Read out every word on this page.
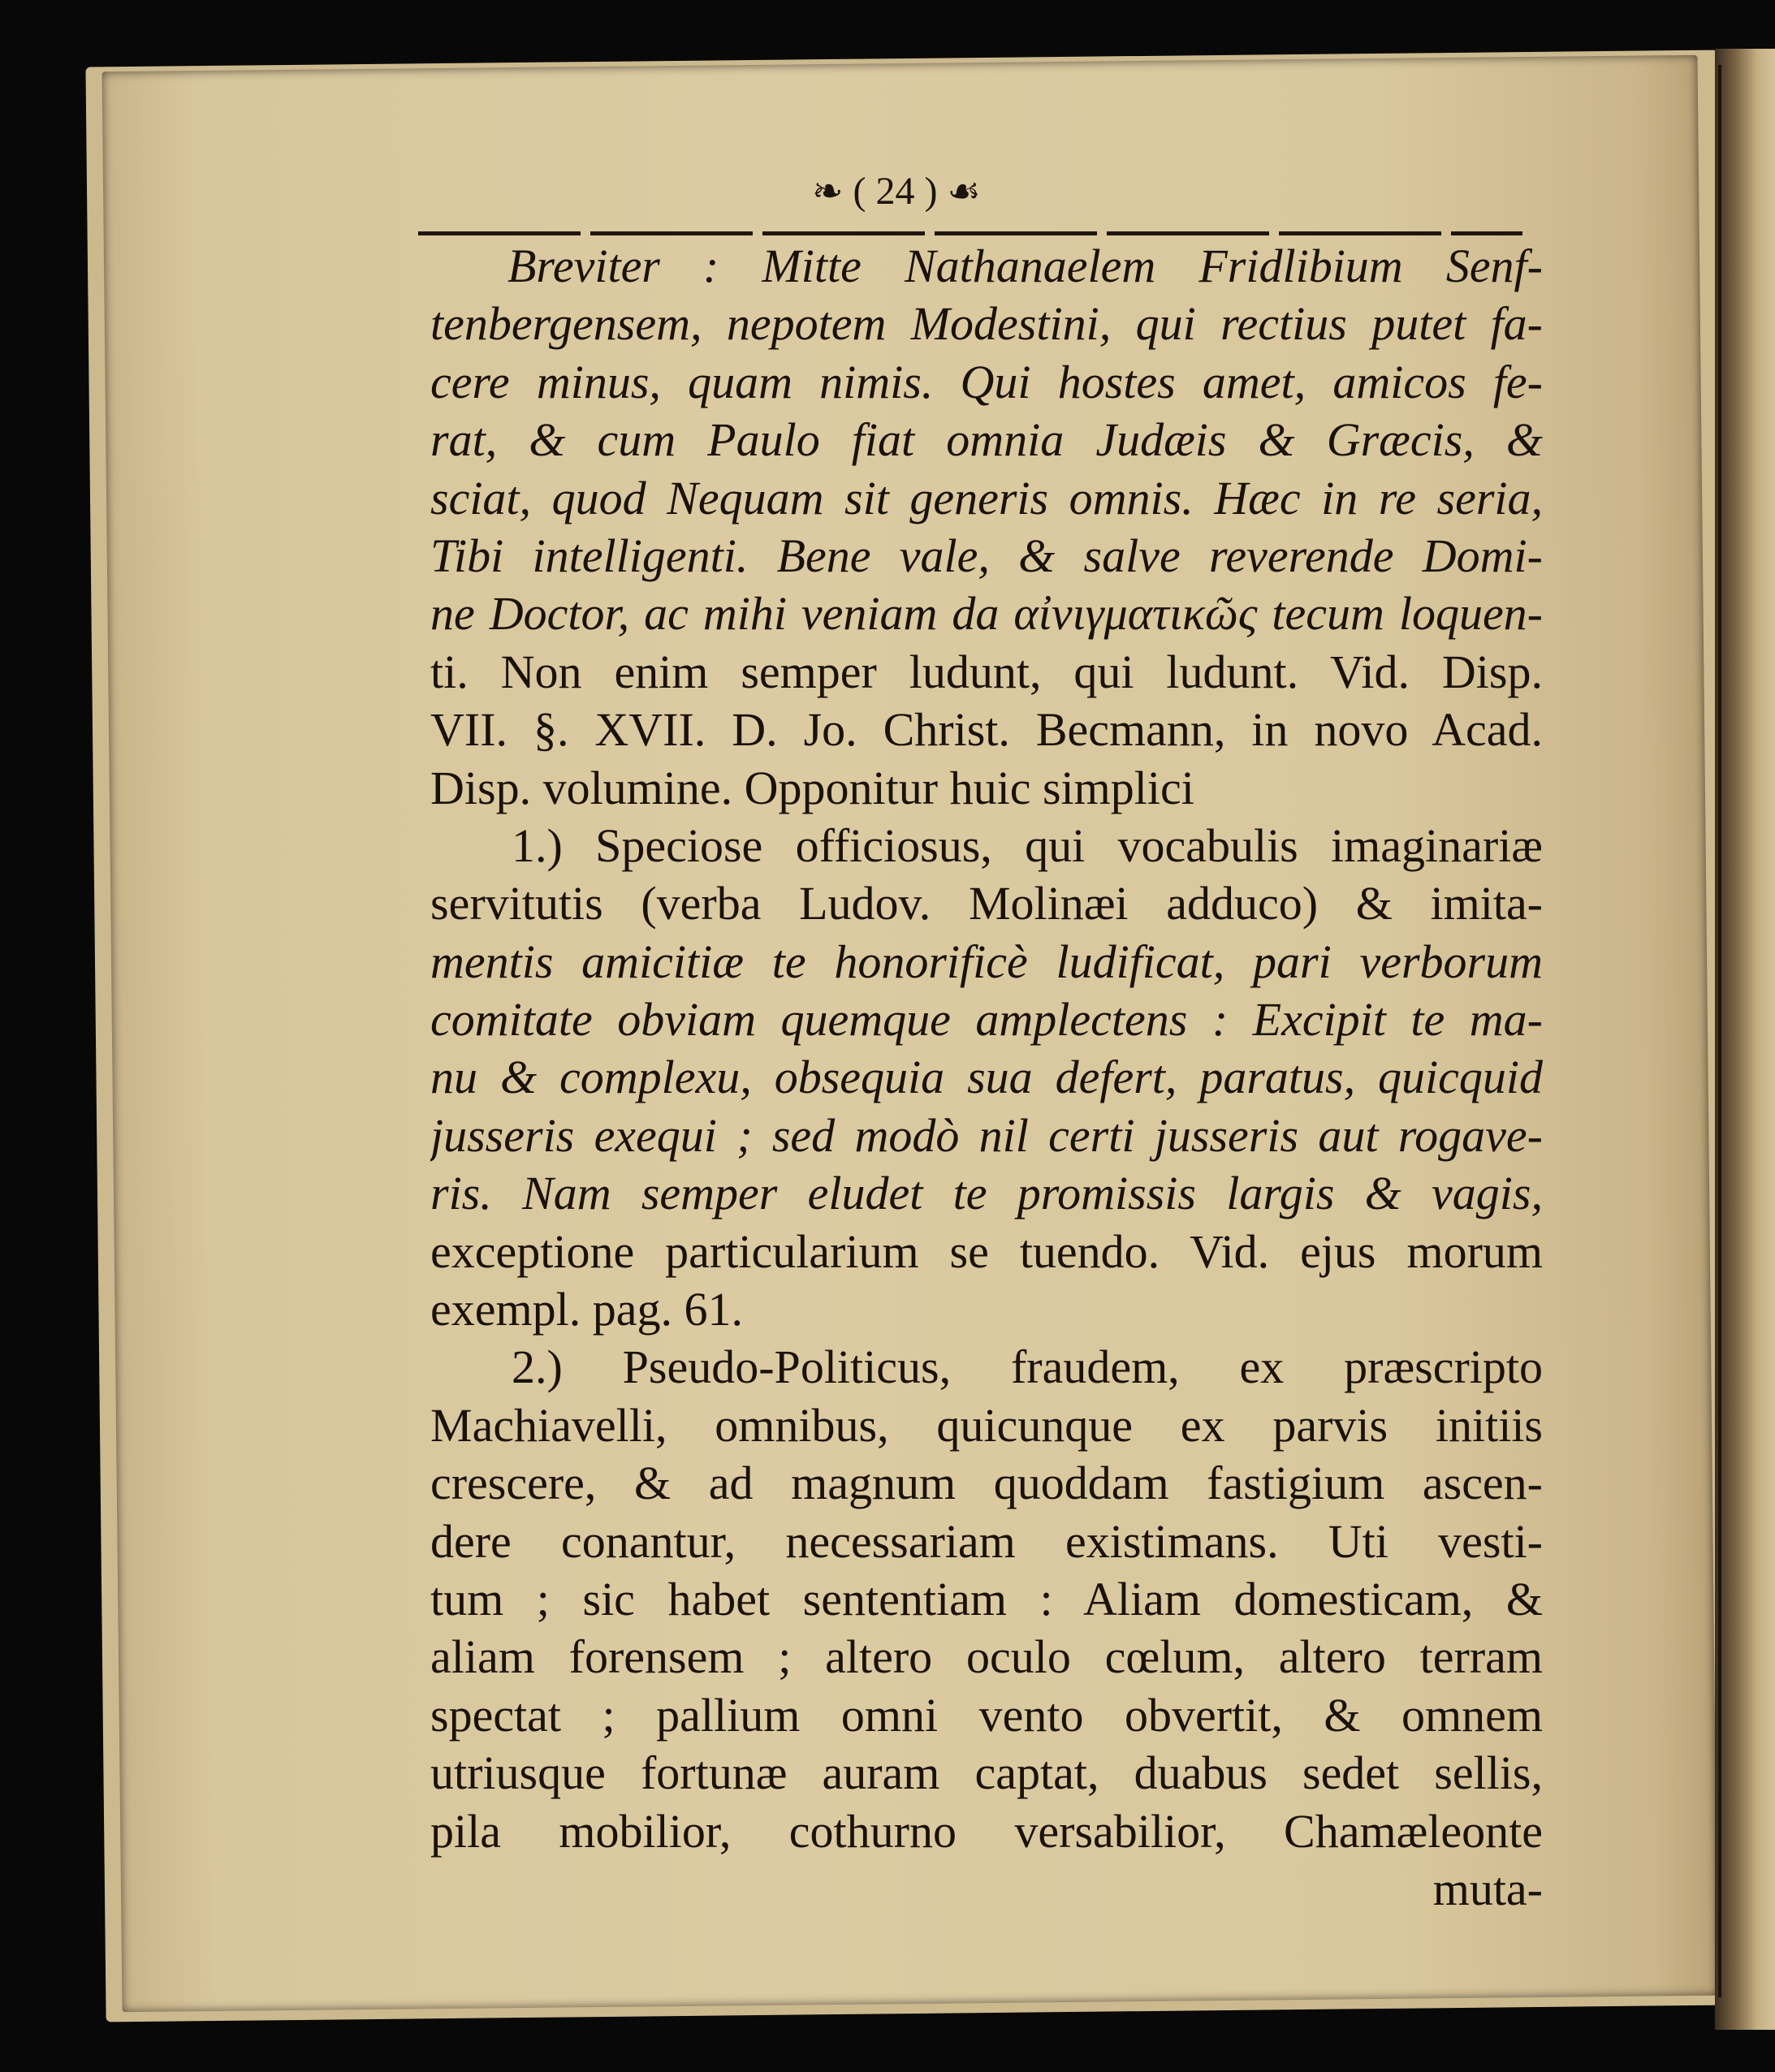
❧ ( 24 ) ☙
Breviter : Mitte Nathanaelem Fridlibium Senf-
tenbergensem, nepotem Modestini, qui rectius putet fa-
cere minus, quam nimis. Qui hostes amet, amicos fe-
rat, & cum Paulo fiat omnia Judæis & Græcis, &
sciat, quod Nequam sit generis omnis. Hæc in re seria,
Tibi intelligenti. Bene vale, & salve reverende Domi-
ne Doctor, ac mihi veniam da αἰνιγματικῶς tecum loquen-
ti. Non enim semper ludunt, qui ludunt. Vid. Disp.
VII. §. XVII. D. Jo. Christ. Becmann, in novo Acad.
Disp. volumine. Opponitur huic simplici
1.) Speciose officiosus, qui vocabulis imaginariæ
servitutis (verba Ludov. Molinæi adduco) & imita-
mentis amicitiæ te honorificè ludificat, pari verborum
comitate obviam quemque amplectens : Excipit te ma-
nu & complexu, obsequia sua defert, paratus, quicquid
jusseris exequi ; sed modò nil certi jusseris aut rogave-
ris. Nam semper eludet te promissis largis & vagis,
exceptione particularium se tuendo. Vid. ejus morum
exempl. pag. 61.
2.) Pseudo-Politicus, fraudem, ex præscripto
Machiavelli, omnibus, quicunque ex parvis initiis
crescere, & ad magnum quoddam fastigium ascen-
dere conantur, necessariam existimans. Uti vesti-
tum ; sic habet sententiam : Aliam domesticam, &
aliam forensem ; altero oculo cœlum, altero terram
spectat ; pallium omni vento obvertit, & omnem
utriusque fortunæ auram captat, duabus sedet sellis,
pila mobilior, cothurno versabilior, Chamæleonte
muta-
